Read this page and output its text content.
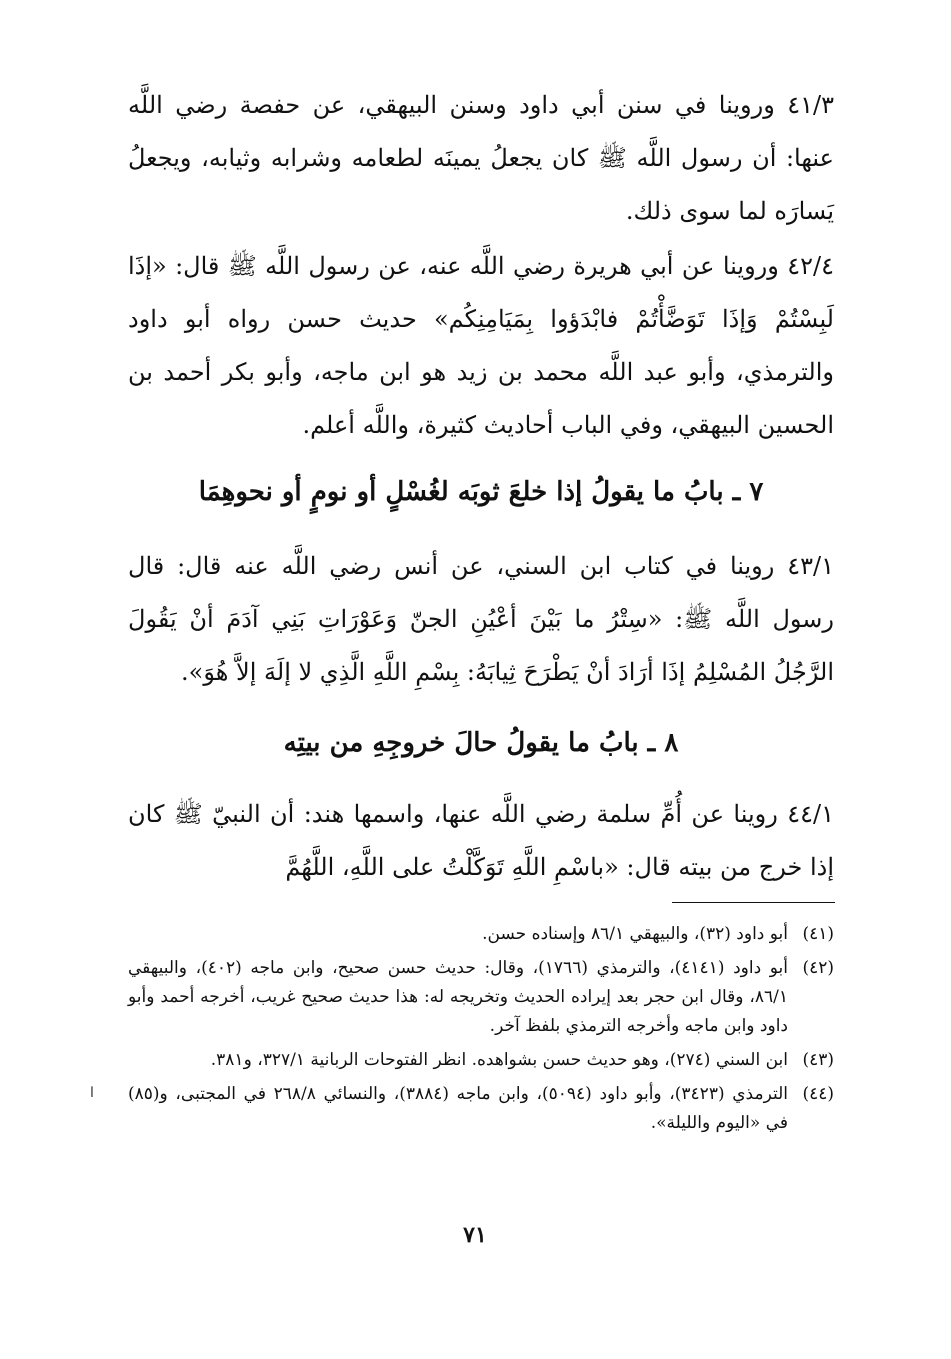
٤١/٣ وروينا في سنن أبي داود وسنن البيهقي، عن حفصة رضي اللَّه عنها: أن رسول اللَّه ﷺ كان يجعلُ يمينَه لطعامه وشرابه وثيابه، ويجعلُ يَسارَه لما سوى ذلك.
٤٢/٤ وروينا عن أبي هريرة رضي اللَّه عنه، عن رسول اللَّه ﷺ قال: «إذَا لَبِسْتُمْ وَإذَا تَوَضَّأْتُمْ فابْدَؤوا بِمَيَامِنِكُم» حديث حسن رواه أبو داود والترمذي، وأبو عبد اللَّه محمد بن زيد هو ابن ماجه، وأبو بكر أحمد بن الحسين البيهقي، وفي الباب أحاديث كثيرة، واللَّه أعلم.
٧ ـ بابُ ما يقولُ إذا خلعَ ثوبَه لغُسْلٍ أو نومٍ أو نحوهِمَا
٤٣/١ روينا في كتاب ابن السني، عن أنس رضي اللَّه عنه قال: قال رسول اللَّه ﷺ: «سِتْرُ ما بَيْنَ أعْيُنِ الجنّ وَعَوْرَاتِ بَنِي آدَمَ أنْ يَقُولَ الرَّجُلُ المُسْلِمُ إذَا أرَادَ أنْ يَطْرَحَ ثِيابَهُ: بِسْمِ اللَّهِ الَّذِي لا إلَهَ إلاَّ هُوَ».
٨ ـ بابُ ما يقولُ حالَ خروجِهِ من بيتِه
٤٤/١ روينا عن أُمِّ سلمة رضي اللَّه عنها، واسمها هند: أن النبيّ ﷺ كان إذا خرج من بيته قال: «باسْمِ اللَّهِ تَوَكَّلْتُ على اللَّهِ، اللَّهُمَّ

(٤١)أبو داود (٣٢)، والبيهقي ٨٦/١ وإسناده حسن.

(٤٢)أبو داود (٤١٤١)، والترمذي (١٧٦٦)، وقال: حديث حسن صحيح، وابن ماجه (٤٠٢)، والبيهقي ٨٦/١، وقال ابن حجر بعد إيراده الحديث وتخريجه له: هذا حديث صحيح غريب، أخرجه أحمد وأبو داود وابن ماجه وأخرجه الترمذي بلفظ آخر.

(٤٣)ابن السني (٢٧٤)، وهو حديث حسن بشواهده. انظر الفتوحات الربانية ٣٢٧/١، و٣٨١.

(٤٤)الترمذي (٣٤٢٣)، وأبو داود (٥٠٩٤)، وابن ماجه (٣٨٨٤)، والنسائي ٢٦٨/٨ في المجتبى، و(٨٥) في «اليوم والليلة».

ا
٧١
